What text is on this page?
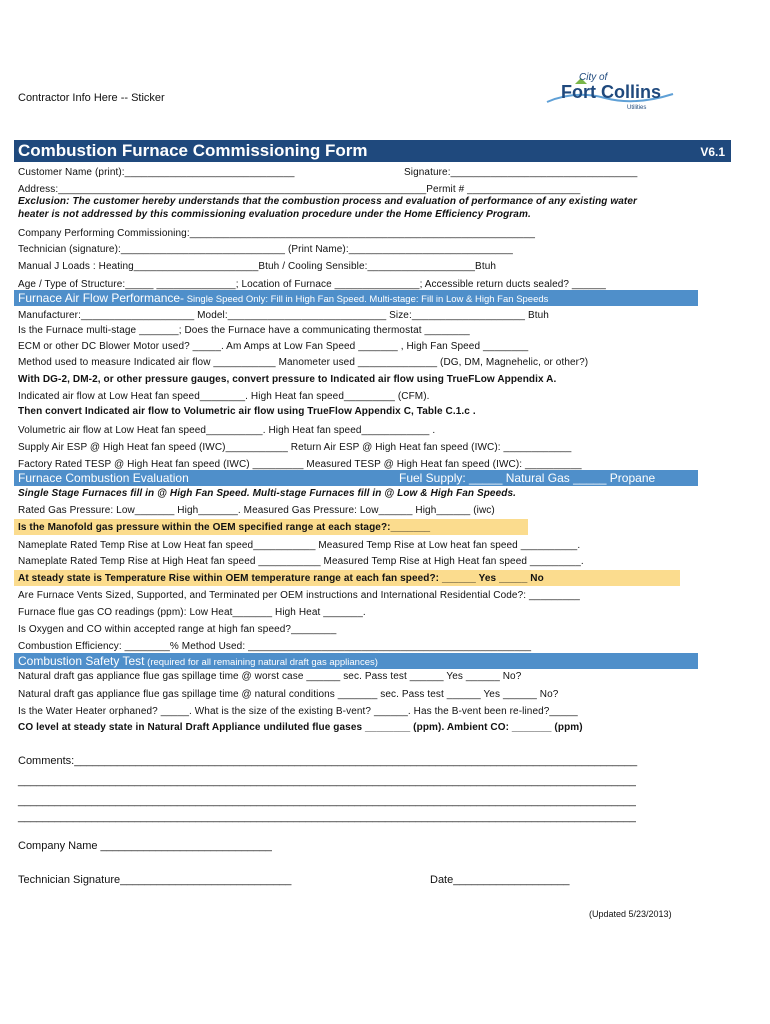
Contractor Info Here -- Sticker
City of
Fort Collins
Utilities
Combustion Furnace Commissioning Form	V6.1
Customer Name (print):______________________________	Signature:_________________________________
Address:_________________________________________________________________Permit # ____________________
Exclusion: The customer hereby understands that the combustion process and evaluation of performance of any existing water
heater is not addressed by this commissioning evaluation procedure under the Home Efficiency Program.
Company Performing Commissioning:_____________________________________________________________
Technician (signature):_____________________________ (Print Name):_____________________________
Manual J Loads : Heating______________________Btuh / Cooling Sensible:___________________Btuh
Age / Type of Structure:_____ ______________; Location of Furnace _______________; Accessible return ducts sealed? ______
Furnace Air Flow Performance- Single Speed Only: Fill in High Fan Speed. Multi-stage: Fill in Low & High Fan Speeds
Manufacturer:____________________ Model:____________________________ Size:____________________ Btuh
Is the Furnace multi-stage _______; Does the Furnace have a communicating thermostat ________
ECM or other DC Blower Motor used? _____. Am Amps at Low Fan Speed _______ , High Fan Speed ________
Method used to measure Indicated air flow ___________ Manometer used ______________ (DG, DM, Magnehelic, or other?)
With DG-2, DM-2, or other pressure gauges, convert pressure to Indicated air flow using TrueFLow Appendix A.
Indicated air flow at Low Heat fan speed________. High Heat fan speed_________ (CFM).
Then convert Indicated air flow to Volumetric air flow using TrueFlow Appendix C, Table C.1.c .
Volumetric air flow at Low Heat fan speed__________. High Heat fan speed____________ .
Supply Air ESP @ High Heat fan speed (IWC)___________ Return Air ESP @ High Heat fan speed (IWC): ____________
Factory Rated TESP @ High Heat fan speed (IWC) _________ Measured TESP @ High Heat fan speed (IWC): __________
Furnace Combustion Evaluation	Fuel Supply: _____ Natural Gas _____ Propane
Single Stage Furnaces fill in @ High Fan Speed. Multi-stage Furnaces fill in @ Low & High Fan Speeds.
Rated Gas Pressure: Low_______ High_______. Measured Gas Pressure: Low______ High______ (iwc)
Is the Manofold gas pressure within the OEM specified range at each stage?:_______
Nameplate Rated Temp Rise at Low Heat fan speed___________ Measured Temp Rise at Low heat fan speed __________.
Nameplate Rated Temp Rise at High Heat fan speed ___________ Measured Temp Rise at High Heat fan speed _________.
At steady state is Temperature Rise within OEM temperature range at each fan speed?: ______ Yes _____ No
Are Furnace Vents Sized, Supported, and Terminated per OEM instructions and International Residential Code?: _________
Furnace flue gas CO readings (ppm): Low Heat_______ High Heat _______.
Is Oxygen and CO within accepted range at high fan speed?________
Combustion Efficiency: ________% Method Used: __________________________________________________
Combustion Safety Test (required for all remaining natural draft gas appliances)
Natural draft gas appliance flue gas spillage time @ worst case ______ sec. Pass test ______ Yes ______ No?
Natural draft gas appliance flue gas spillage time @ natural conditions _______ sec. Pass test ______ Yes ______ No?
Is the Water Heater orphaned? _____. What is the size of the existing B-vent? ______. Has the B-vent been re-lined?_____
CO level at steady state in Natural Draft Appliance undiluted flue gases ________ (ppm). Ambient CO: _______ (ppm)
Comments:____________________________________________________________________________________________
_____________________________________________________________________________________________________
_____________________________________________________________________________________________________
_____________________________________________________________________________________________________
Company Name ____________________________
Technician Signature____________________________	Date___________________
(Updated 5/23/2013)
